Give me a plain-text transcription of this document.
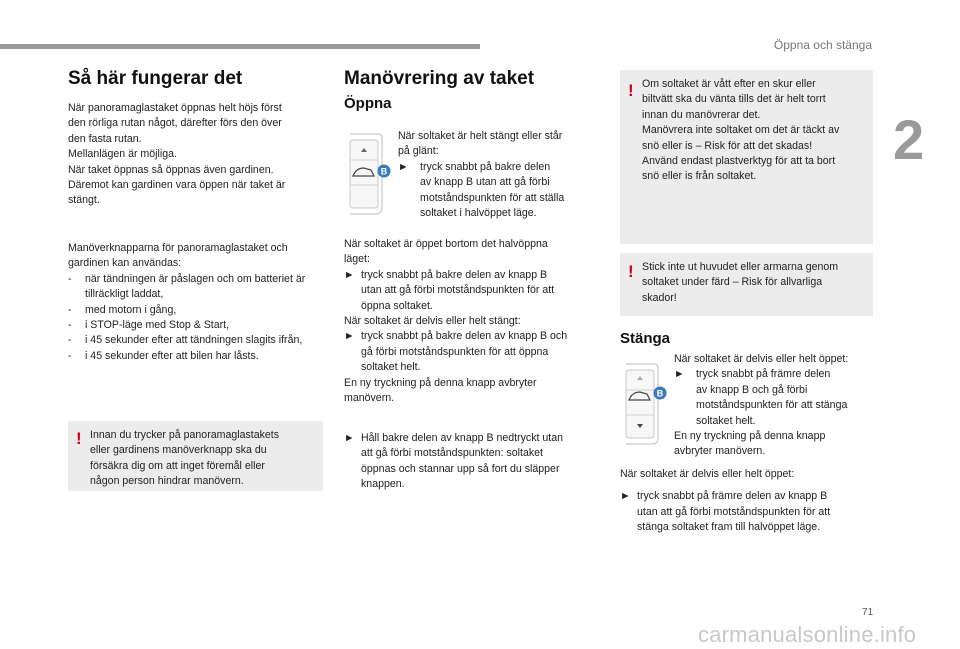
Öppna och stänga
2
Så här fungerar det
När panoramaglastaket öppnas helt höjs först
den rörliga rutan något, därefter förs den över
den fasta rutan.
Mellanlägen är möjliga.
När taket öppnas så öppnas även gardinen.
Däremot kan gardinen vara öppen när taket är
stängt.
Manöverknapparna för panoramaglastaket och
gardinen kan användas:
- när tändningen är påslagen och om batteriet är tillräckligt laddat,
- med motorn i gång,
- i STOP-läge med Stop & Start,
- i 45 sekunder efter att tändningen slagits ifrån,
- i 45 sekunder efter att bilen har låsts.
! Innan du trycker på panoramaglastakets
eller gardinens manöverknapp ska du
försäkra dig om att inget föremål eller
någon person hindrar manövern.
Manövrering av taket
Öppna
B
När soltaket är helt stängt eller står
på glänt:
► tryck snabbt på bakre delen
av knapp B utan att gå förbi
motståndspunkten för att ställa
soltaket i halvöppet läge.
När soltaket är öppet bortom det halvöppna
läget:
► tryck snabbt på bakre delen av knapp B
utan att gå förbi motståndspunkten för att
öppna soltaket.
När soltaket är delvis eller helt stängt:
► tryck snabbt på bakre delen av knapp B och
gå förbi motståndspunkten för att öppna
soltaket helt.
En ny tryckning på denna knapp avbryter
manövern.
► Håll bakre delen av knapp B nedtryckt utan
att gå förbi motståndspunkten: soltaket
öppnas och stannar upp så fort du släpper
knappen.
! Om soltaket är vått efter en skur eller
biltvätt ska du vänta tills det är helt torrt
innan du manövrerar det.
Manövrera inte soltaket om det är täckt av
snö eller is – Risk för att det skadas!
Använd endast plastverktyg för att ta bort
snö eller is från soltaket.
! Stick inte ut huvudet eller armarna genom
soltaket under färd – Risk för allvarliga
skador!
Stänga
B
När soltaket är delvis eller helt öppet:
► tryck snabbt på främre delen
av knapp B och gå förbi
motståndspunkten för att stänga
soltaket helt.
En ny tryckning på denna knapp
avbryter manövern.
När soltaket är delvis eller helt öppet:
► tryck snabbt på främre delen av knapp B
utan att gå förbi motståndspunkten för att
stänga soltaket fram till halvöppet läge.
71
carmanualsonline.info
